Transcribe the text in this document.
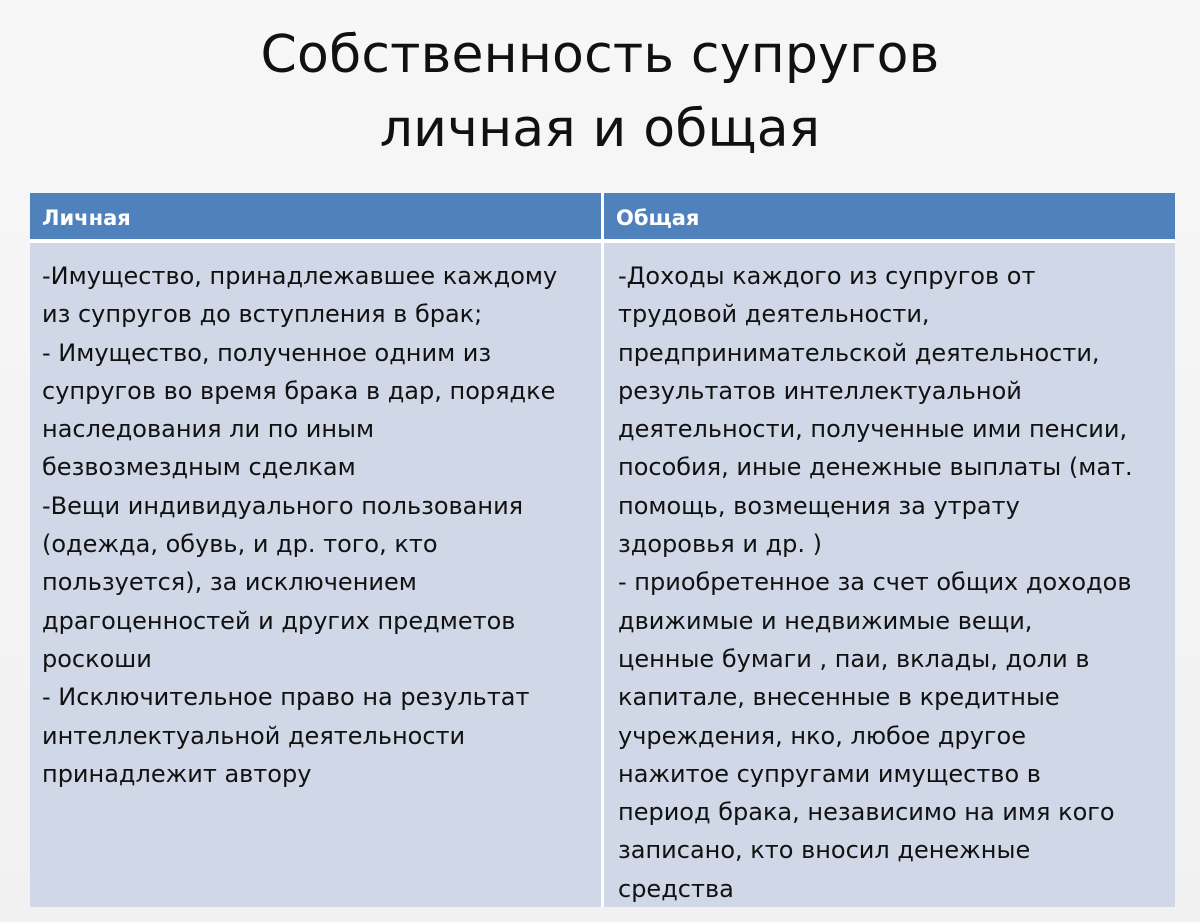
Собственность супругов
личная и общая
Личная	Общая
-Имущество, принадлежавшее каждому
из супругов до вступления в брак;
- Имущество, полученное одним из
супругов во время брака в дар, порядке
наследования ли по иным
безвозмездным сделкам
-Вещи индивидуального пользования
(одежда, обувь, и др. того, кто
пользуется), за исключением
драгоценностей и других предметов
роскоши
- Исключительное право на результат
интеллектуальной деятельности
принадлежит автору
-Доходы каждого из супругов от
трудовой деятельности,
предпринимательской деятельности,
результатов интеллектуальной
деятельности, полученные ими пенсии,
пособия, иные денежные выплаты (мат.
помощь, возмещения за утрату
здоровья и др. )
- приобретенное за счет общих доходов
движимые и недвижимые вещи,
ценные бумаги , паи, вклады, доли в
капитале, внесенные в кредитные
учреждения, нко, любое другое
нажитое супругами имущество в
период брака, независимо на имя кого
записано, кто вносил денежные
средства
